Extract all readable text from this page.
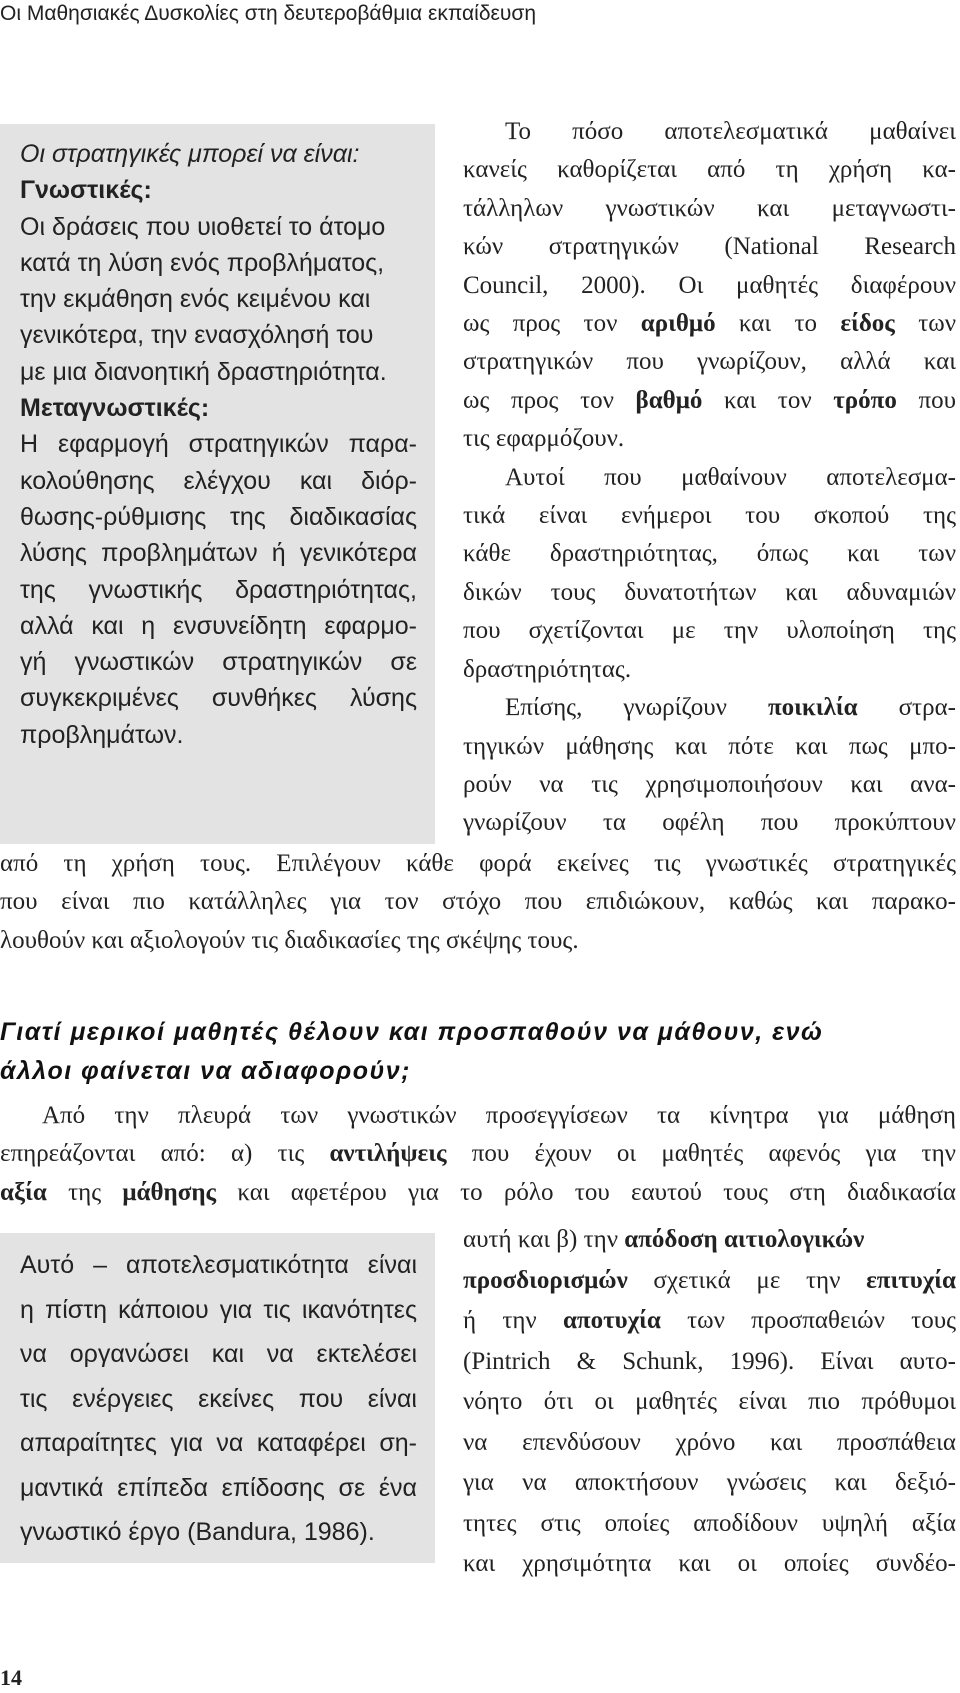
Οι Μαθησιακές Δυσκολίες στη δευτεροβάθμια εκπαίδευση
Οι στρατηγικές μπορεί να είναι:
Γνωστικές:
Οι δράσεις που υιοθετεί το άτομο
κατά τη λύση ενός προβλήματος,
την εκμάθηση ενός κειμένου και
γενικότερα, την ενασχόλησή του
με μια διανοητική δραστηριότητα.
Μεταγνωστικές:
Η εφαρμογή στρατηγικών παρα-
κολούθησης ελέγχου και διόρ-
θωσης-ρύθμισης της διαδικασίας
λύσης προβλημάτων ή γενικότερα
της γνωστικής δραστηριότητας,
αλλά και η ενσυνείδητη εφαρμο-
γή γνωστικών στρατηγικών σε
συγκεκριμένες συνθήκες λύσης
προβλημάτων.
Το πόσο αποτελεσματικά μαθαίνει
κανείς καθορίζεται από τη χρήση κα-
τάλληλων γνωστικών και μεταγνωστι-
κών στρατηγικών (National Research
Council, 2000). Οι μαθητές διαφέρουν
ως προς τον αριθμό και το είδος των
στρατηγικών που γνωρίζουν, αλλά και
ως προς τον βαθμό και τον τρόπο που
τις εφαρμόζουν.
Αυτοί που μαθαίνουν αποτελεσμα-
τικά είναι ενήμεροι του σκοπού της
κάθε δραστηριότητας, όπως και των
δικών τους δυνατοτήτων και αδυναμιών
που σχετίζονται με την υλοποίηση της
δραστηριότητας.
Επίσης, γνωρίζουν ποικιλία στρα-
τηγικών μάθησης και πότε και πως μπο-
ρούν να τις χρησιμοποιήσουν και ανα-
γνωρίζουν τα οφέλη που προκύπτουν
από τη χρήση τους. Επιλέγουν κάθε φορά εκείνες τις γνωστικές στρατηγικές
που είναι πιο κατάλληλες για τον στόχο που επιδιώκουν, καθώς και παρακο-
λουθούν και αξιολογούν τις διαδικασίες της σκέψης τους.
Γιατί μερικοί μαθητές θέλουν και προσπαθούν να μάθουν, ενώ
άλλοι φαίνεται να αδιαφορούν;
Από την πλευρά των γνωστικών προσεγγίσεων τα κίνητρα για μάθηση
επηρεάζονται από: α) τις αντιλήψεις που έχουν οι μαθητές αφενός για την
αξία της μάθησης και αφετέρου για το ρόλο του εαυτού τους στη διαδικασία
Αυτό – αποτελεσματικότητα είναι
η πίστη κάποιου για τις ικανότητες
να οργανώσει και να εκτελέσει
τις ενέργειες εκείνες που είναι
απαραίτητες για να καταφέρει ση-
μαντικά επίπεδα επίδοσης σε ένα
γνωστικό έργο (Bandura, 1986).
αυτή και β) την απόδοση αιτιολογικών
προσδιορισμών σχετικά με την επιτυχία
ή την αποτυχία των προσπαθειών τους
(Pintrich & Schunk, 1996). Είναι αυτο-
νόητο ότι οι μαθητές είναι πιο πρόθυμοι
να επενδύσουν χρόνο και προσπάθεια
για να αποκτήσουν γνώσεις και δεξιό-
τητες στις οποίες αποδίδουν υψηλή αξία
και χρησιμότητα και οι οποίες συνδέο-
14
